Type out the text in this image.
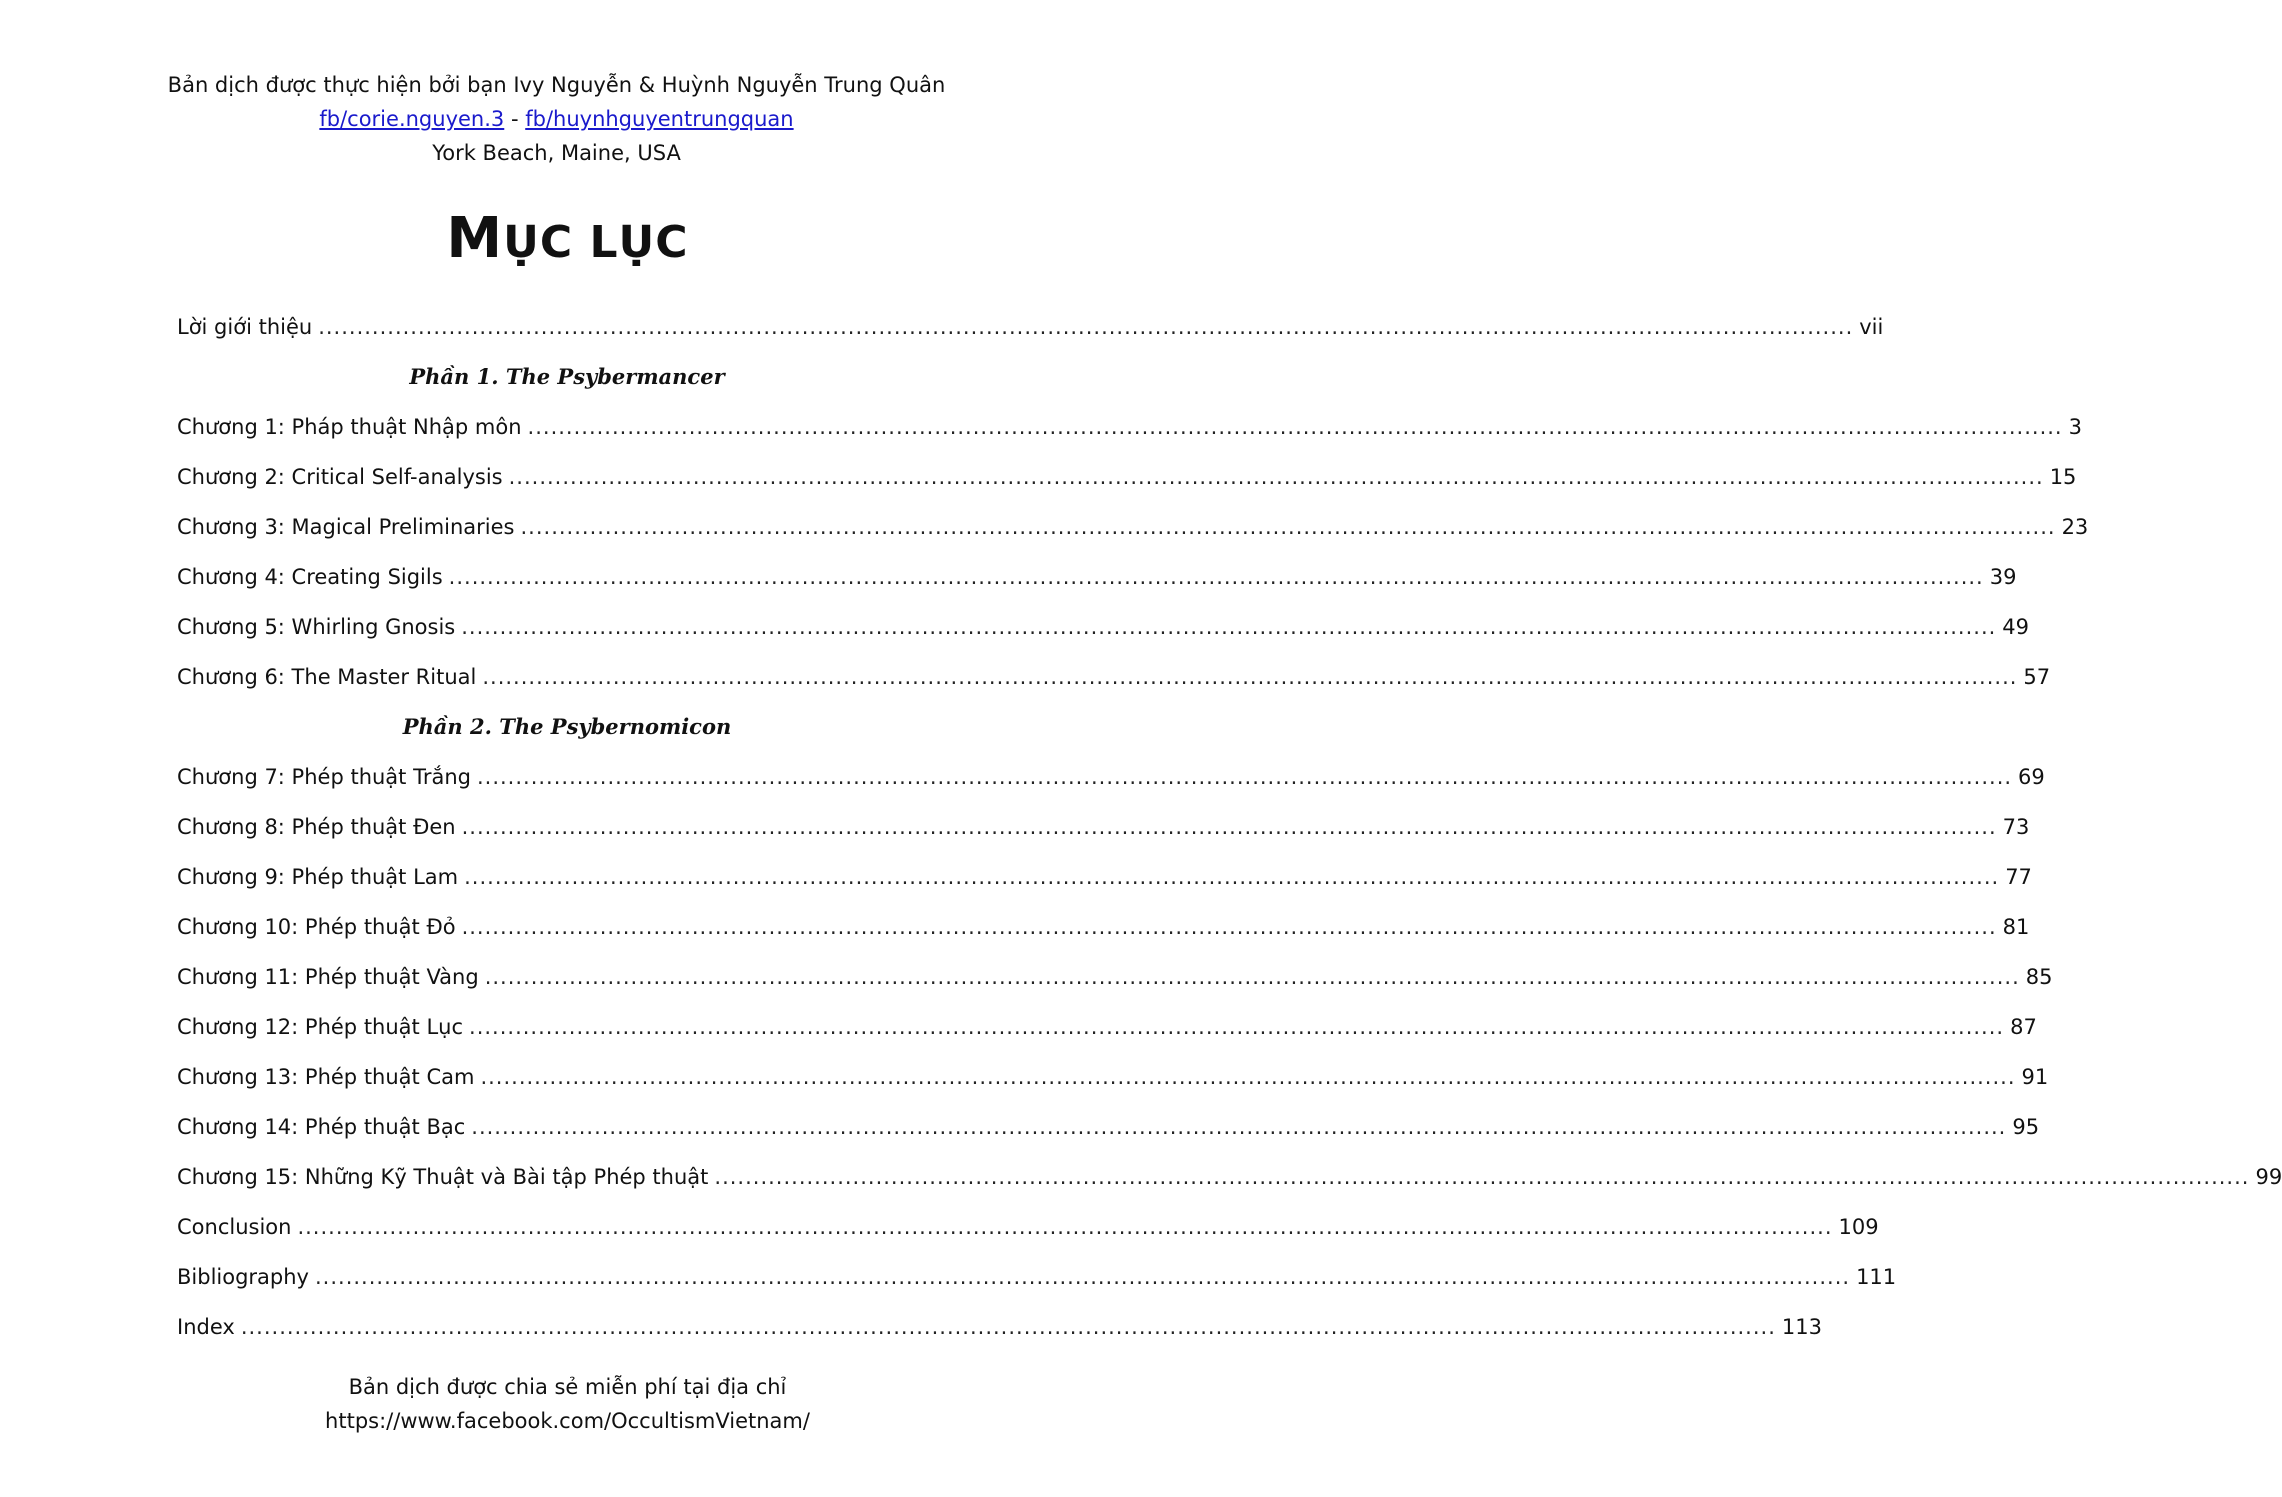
Bản dịch được thực hiện bởi bạn Ivy Nguyễn & Huỳnh Nguyễn Trung Quân
fb/corie.nguyen.3 - fb/huynhguyentrungquan
York Beach, Maine, USA
MỤC LỤC
Lời giới thiệu ........................................................................................................................................................................................................ vii
Phần 1. The Psybermancer
Chương 1: Pháp thuật Nhập môn ........................................................................................................................................................................................................ 3
Chương 2: Critical Self-analysis ........................................................................................................................................................................................................ 15
Chương 3: Magical Preliminaries ........................................................................................................................................................................................................ 23
Chương 4: Creating Sigils ........................................................................................................................................................................................................ 39
Chương 5: Whirling Gnosis ........................................................................................................................................................................................................ 49
Chương 6: The Master Ritual ........................................................................................................................................................................................................ 57
Phần 2. The Psybernomicon
Chương 7: Phép thuật Trắng ........................................................................................................................................................................................................ 69
Chương 8: Phép thuật Đen ........................................................................................................................................................................................................ 73
Chương 9: Phép thuật Lam ........................................................................................................................................................................................................ 77
Chương 10: Phép thuật Đỏ ........................................................................................................................................................................................................ 81
Chương 11: Phép thuật Vàng ........................................................................................................................................................................................................ 85
Chương 12: Phép thuật Lục ........................................................................................................................................................................................................ 87
Chương 13: Phép thuật Cam ........................................................................................................................................................................................................ 91
Chương 14: Phép thuật Bạc ........................................................................................................................................................................................................ 95
Chương 15: Những Kỹ Thuật và Bài tập Phép thuật ........................................................................................................................................................................................................ 99
Conclusion ........................................................................................................................................................................................................ 109
Bibliography ........................................................................................................................................................................................................ 111
Index ........................................................................................................................................................................................................ 113
Bản dịch được chia sẻ miễn phí tại địa chỉ
https://www.facebook.com/OccultismVietnam/
